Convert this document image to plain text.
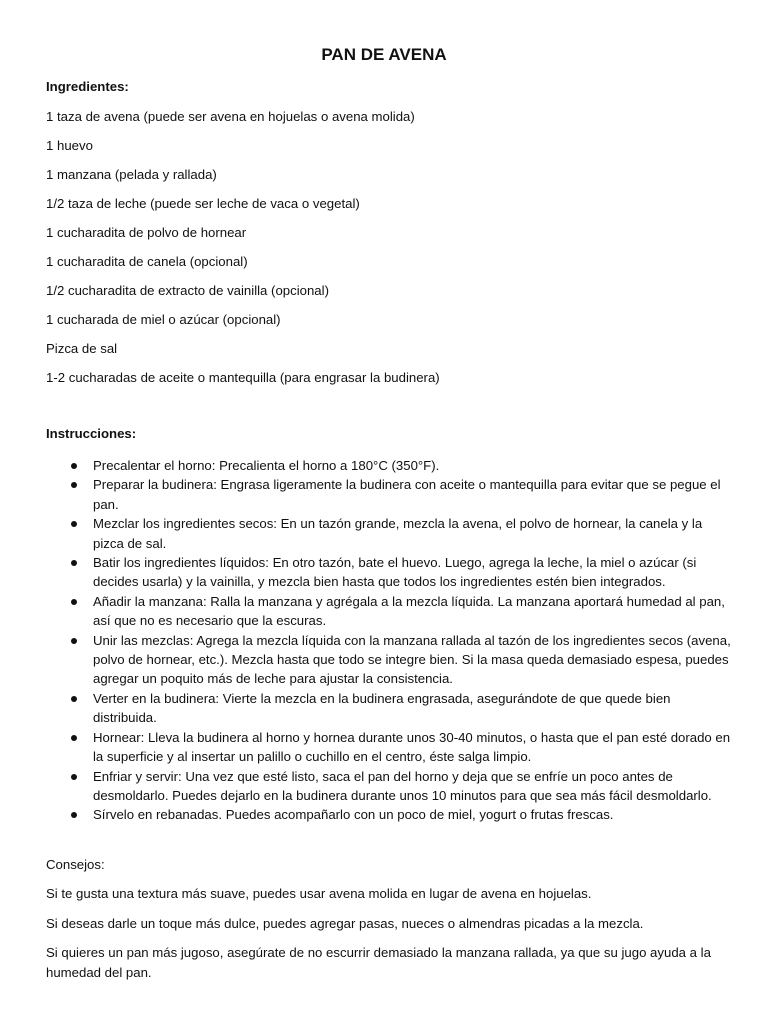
PAN DE AVENA

Ingredientes:

1 taza de avena (puede ser avena en hojuelas o avena molida)
1 huevo
1 manzana (pelada y rallada)
1/2 taza de leche (puede ser leche de vaca o vegetal)
1 cucharadita de polvo de hornear
1 cucharadita de canela (opcional)
1/2 cucharadita de extracto de vainilla (opcional)
1 cucharada de miel o azúcar (opcional)
Pizca de sal
1-2 cucharadas de aceite o mantequilla (para engrasar la budinera)

Instrucciones:

Precalentar el horno: Precalienta el horno a 180°C (350°F).
Preparar la budinera: Engrasa ligeramente la budinera con aceite o mantequilla para evitar que se pegue el pan.
Mezclar los ingredientes secos: En un tazón grande, mezcla la avena, el polvo de hornear, la canela y la pizca de sal.
Batir los ingredientes líquidos: En otro tazón, bate el huevo. Luego, agrega la leche, la miel o azúcar (si decides usarla) y la vainilla, y mezcla bien hasta que todos los ingredientes estén bien integrados.
Añadir la manzana: Ralla la manzana y agrégala a la mezcla líquida. La manzana aportará humedad al pan, así que no es necesario que la escuras.
Unir las mezclas: Agrega la mezcla líquida con la manzana rallada al tazón de los ingredientes secos (avena, polvo de hornear, etc.). Mezcla hasta que todo se integre bien. Si la masa queda demasiado espesa, puedes agregar un poquito más de leche para ajustar la consistencia.
Verter en la budinera: Vierte la mezcla en la budinera engrasada, asegurándote de que quede bien distribuida.
Hornear: Lleva la budinera al horno y hornea durante unos 30-40 minutos, o hasta que el pan esté dorado en la superficie y al insertar un palillo o cuchillo en el centro, éste salga limpio.
Enfriar y servir: Una vez que esté listo, saca el pan del horno y deja que se enfríe un poco antes de desmoldarlo. Puedes dejarlo en la budinera durante unos 10 minutos para que sea más fácil desmoldarlo.
Sírvelo en rebanadas. Puedes acompañarlo con un poco de miel, yogurt o frutas frescas.

Consejos:

Si te gusta una textura más suave, puedes usar avena molida en lugar de avena en hojuelas.

Si deseas darle un toque más dulce, puedes agregar pasas, nueces o almendras picadas a la mezcla.

Si quieres un pan más jugoso, asegúrate de no escurrir demasiado la manzana rallada, ya que su jugo ayuda a la humedad del pan.
